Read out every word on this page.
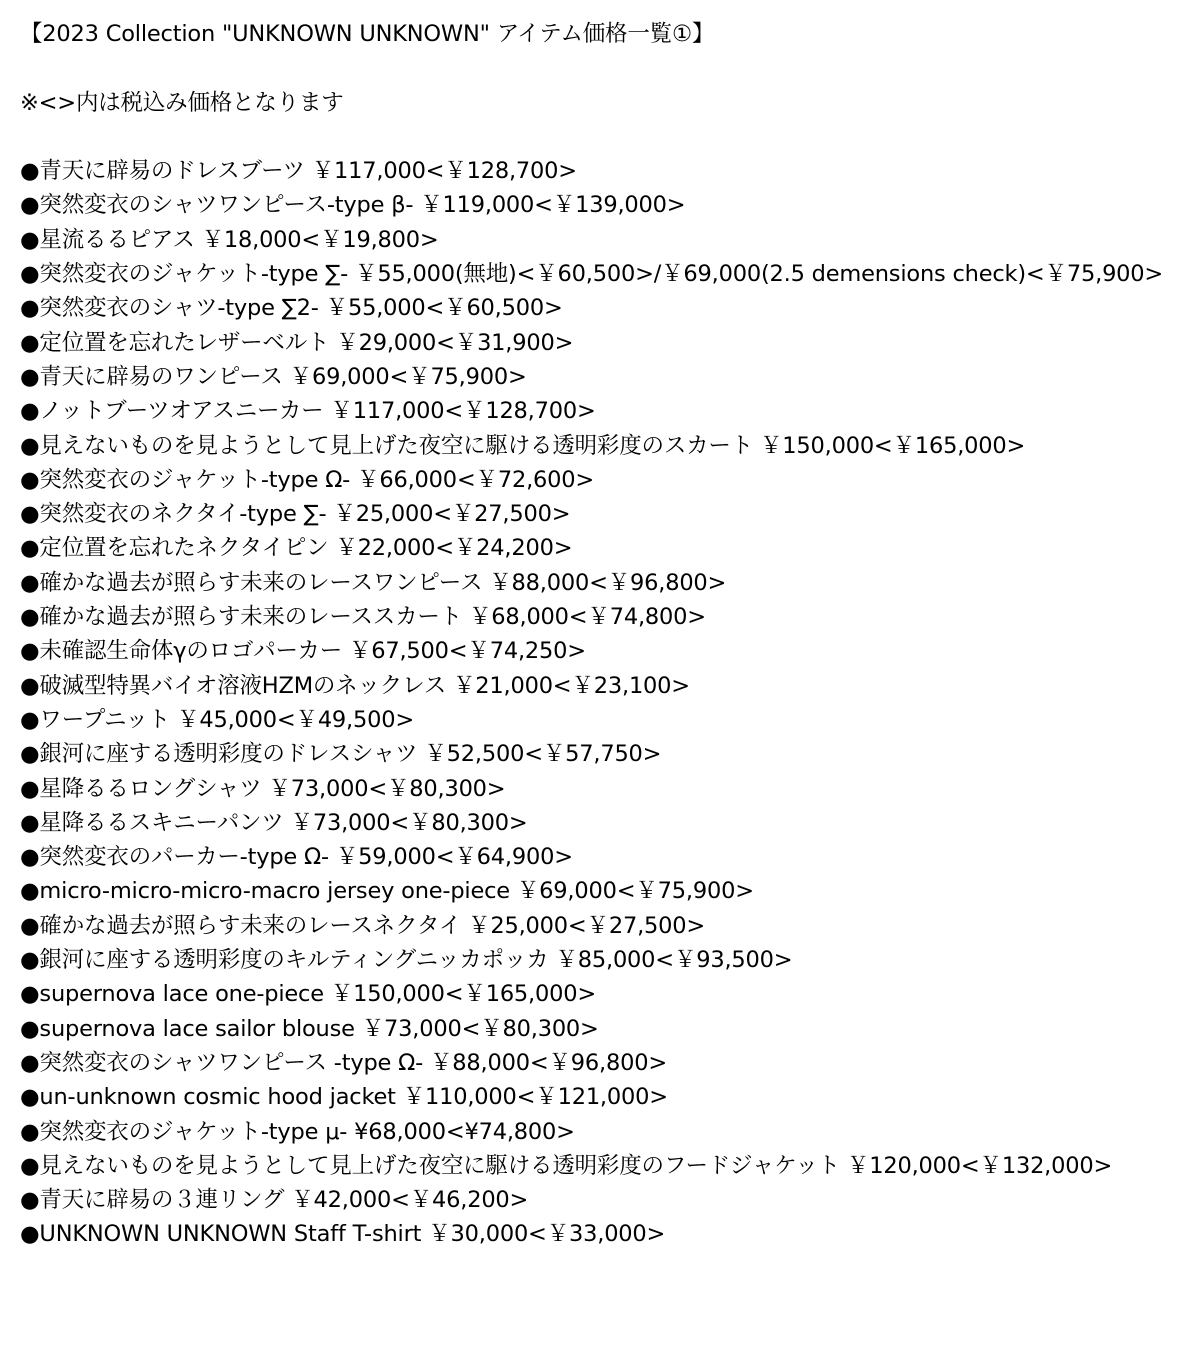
【2023 Collection "UNKNOWN UNKNOWN" アイテム価格一覧①】
※<>内は税込み価格となります
●青天に辟易のドレスブーツ ￥117,000<￥128,700>
●突然変衣のシャツワンピース-type β- ￥119,000<￥139,000>
●星流るるピアス ￥18,000<￥19,800>
●突然変衣のジャケット-type ∑- ￥55,000(無地)<￥60,500>/￥69,000(2.5 demensions check)<￥75,900>
●突然変衣のシャツ-type ∑2- ￥55,000<￥60,500>
●定位置を忘れたレザーベルト ￥29,000<￥31,900>
●青天に辟易のワンピース ￥69,000<￥75,900>
●ノットブーツオアスニーカー ￥117,000<￥128,700>
●見えないものを見ようとして見上げた夜空に駆ける透明彩度のスカート ￥150,000<￥165,000>
●突然変衣のジャケット-type Ω- ￥66,000<￥72,600>
●突然変衣のネクタイ-type ∑- ￥25,000<￥27,500>
●定位置を忘れたネクタイピン ￥22,000<￥24,200>
●確かな過去が照らす未来のレースワンピース ￥88,000<￥96,800>
●確かな過去が照らす未来のレーススカート ￥68,000<￥74,800>
●未確認生命体γのロゴパーカー ￥67,500<￥74,250>
●破滅型特異バイオ溶液HZMのネックレス ￥21,000<￥23,100>
●ワープニット ￥45,000<￥49,500>
●銀河に座する透明彩度のドレスシャツ ￥52,500<￥57,750>
●星降るるロングシャツ ￥73,000<￥80,300>
●星降るるスキニーパンツ ￥73,000<￥80,300>
●突然変衣のパーカー-type Ω- ￥59,000<￥64,900>
●micro-micro-micro-macro jersey one-piece ￥69,000<￥75,900>
●確かな過去が照らす未来のレースネクタイ ￥25,000<￥27,500>
●銀河に座する透明彩度のキルティングニッカポッカ ￥85,000<￥93,500>
●supernova lace one-piece ￥150,000<￥165,000>
●supernova lace sailor blouse ￥73,000<￥80,300>
●突然変衣のシャツワンピース -type Ω- ￥88,000<￥96,800>
●un-unknown cosmic hood jacket ￥110,000<￥121,000>
●突然変衣のジャケット-type μ- ¥68,000<¥74,800>
●見えないものを見ようとして見上げた夜空に駆ける透明彩度のフードジャケット ￥120,000<￥132,000>
●青天に辟易の３連リング ￥42,000<￥46,200>
●UNKNOWN UNKNOWN Staff T-shirt ￥30,000<￥33,000>
